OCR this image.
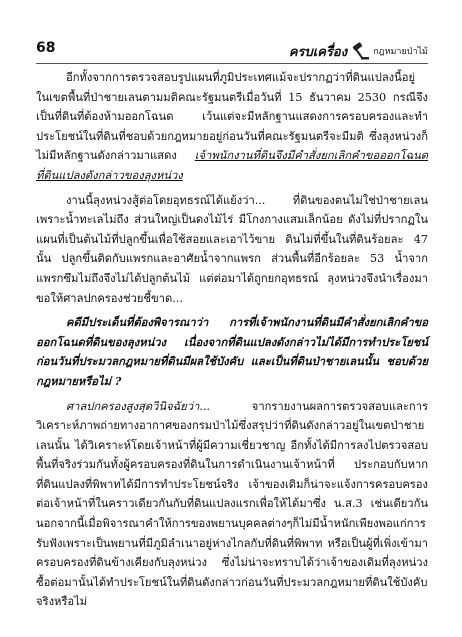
68	ครบเครื่อง	กฎหมายป่าไม้

อีกทั้งจากการตรวจสอบรูปแผนที่ภูมิประเทศแม้จะปรากฏว่าที่ดินแปลงนี้อยู่ในเขตพื้นที่ป่าชายเลนตามมติคณะรัฐมนตรีเมื่อวันที่ 15 ธันวาคม 2530 กรณีจึงเป็นที่ดินที่ต้องห้ามออกโฉนด เว้นแต่จะมีหลักฐานแสดงการครอบครองและทำประโยชน์ในที่ดินที่ชอบด้วยกฎหมายอยู่ก่อนวันที่คณะรัฐมนตรีจะมีมติ ซึ่งลุงหน่วงก็ไม่มีหลักฐานดังกล่าวมาแสดง เจ้าพนักงานที่ดินจึงมีคำสั่งยกเลิกคำขอออกโฉนดที่ดินแปลงดังกล่าวของลุงหน่วง

งานนี้ลุงหน่วงสู้ต่อโดยอุทธรณ์ได้แย้งว่า... ที่ดินของตนไม่ใช่ป่าชายเลนเพราะน้ำทะเลไม่ถึง ส่วนใหญ่เป็นดงไม้ไร่ มีโกงกางแสมเล็กน้อย ดังไม่ที่ปรากฏในแผนที่เป็นต้นไม้ที่ปลูกขึ้นเพื่อใช้สอยและเอาไว้ขาย ดินไม่ที่ขึ้นในที่ดินร้อยละ 47 นั้น ปลูกขึ้นติดกับแพรกและอาศัยน้ำจากแพรก ส่วนพื้นที่อีกร้อยละ 53 น้ำจากแพรกซึมไม่ถึงจึงไม่ได้ปลูกต้นไม้ แต่ต่อมาได้ถูกยกอุทธรณ์ ลุงหน่วงจึงนำเรื่องมาขอให้ศาลปกครองช่วยชี้ขาด...

คดีมีประเด็นที่ต้องพิจารณาว่า การที่เจ้าพนักงานที่ดินมีคำสั่งยกเลิกคำขอออกโฉนดที่ดินของลุงหน่วง เนื่องจากที่ดินแปลงดังกล่าวไม่ได้มีการทำประโยชน์ก่อนวันที่ประมวลกฎหมายที่ดินมีผลใช้บังคับ และเป็นที่ดินป่าชายเลนนั้น ชอบด้วยกฎหมายหรือไม่ ?

ศาลปกครองสูงสุดวินิจฉัยว่า... จากรายงานผลการตรวจสอบและการวิเคราะห์ภาพถ่ายทางอากาศของกรมป่าไม้ซึ่งสรุปว่าที่ดินดังกล่าวอยู่ในเขตป่าชายเลนนั้น ได้วิเคราะห์โดยเจ้าหน้าที่ผู้มีความเชี่ยวชาญ อีกทั้งได้มีการลงไปตรวจสอบพื้นที่จริงร่วมกันทั้งผู้ครอบครองที่ดินในการดำเนินงานเจ้าหน้าที่ ประกอบกับหากที่ดินแปลงที่พิพาทได้มีการทำประโยชน์จริง เจ้าของเดิมก็น่าจะแจ้งการครอบครองต่อเจ้าหน้าที่ในคราวเดียวกันกับที่ดินแปลงแรกเพื่อให้ได้มาซึ่ง น.ส.3 เช่นเดียวกัน นอกจากนี้เมื่อพิจารณาคำให้การของพยานบุคคลต่างๆก็ไม่มีน้ำหนักเพียงพอแก่การรับฟังเพราะเป็นพยานที่มีภูมิลำเนาอยู่ห่างไกลกับที่ดินที่พิพาท หรือเป็นผู้ที่เพิ่งเข้ามาครอบครองที่ดินข้างเคียงกับลุงหน่วง ซึ่งไม่น่าจะทราบได้ว่าเจ้าของเดิมที่ลุงหน่วงซื้อต่อมานั้นได้ทำประโยชน์ในที่ดินดังกล่าวก่อนวันที่ประมวลกฎหมายที่ดินใช้บังคับจริงหรือไม่
